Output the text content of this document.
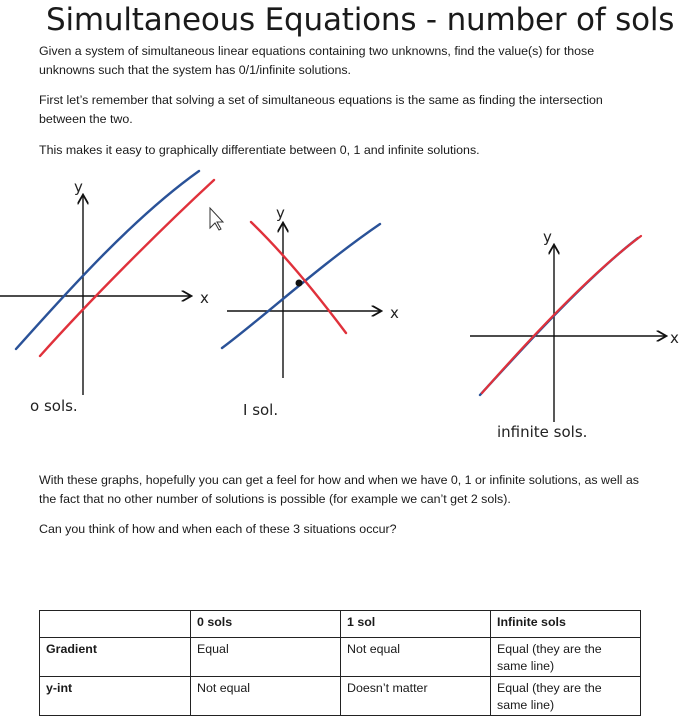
Simultaneous Equations - number of sols
Given a system of simultaneous linear equations containing two unknowns, find the value(s) for those unknowns such that the system has 0/1/infinite solutions.
First let’s remember that solving a set of simultaneous equations is the same as finding the intersection between the two.
This makes it easy to graphically differentiate between 0, 1 and infinite solutions.
y
x
o sols.
y
x
I sol.
y
x
infinite sols.
With these graphs, hopefully you can get a feel for how and when we have 0, 1 or infinite solutions, as well as the fact that no other number of solutions is possible (for example we can’t get 2 sols).
Can you think of how and when each of these 3 situations occur?
	0 sols	1 sol	Infinite sols
Gradient	Equal	Not equal	Equal (they are the same line)
y-int	Not equal	Doesn’t matter	Equal (they are the same line)
